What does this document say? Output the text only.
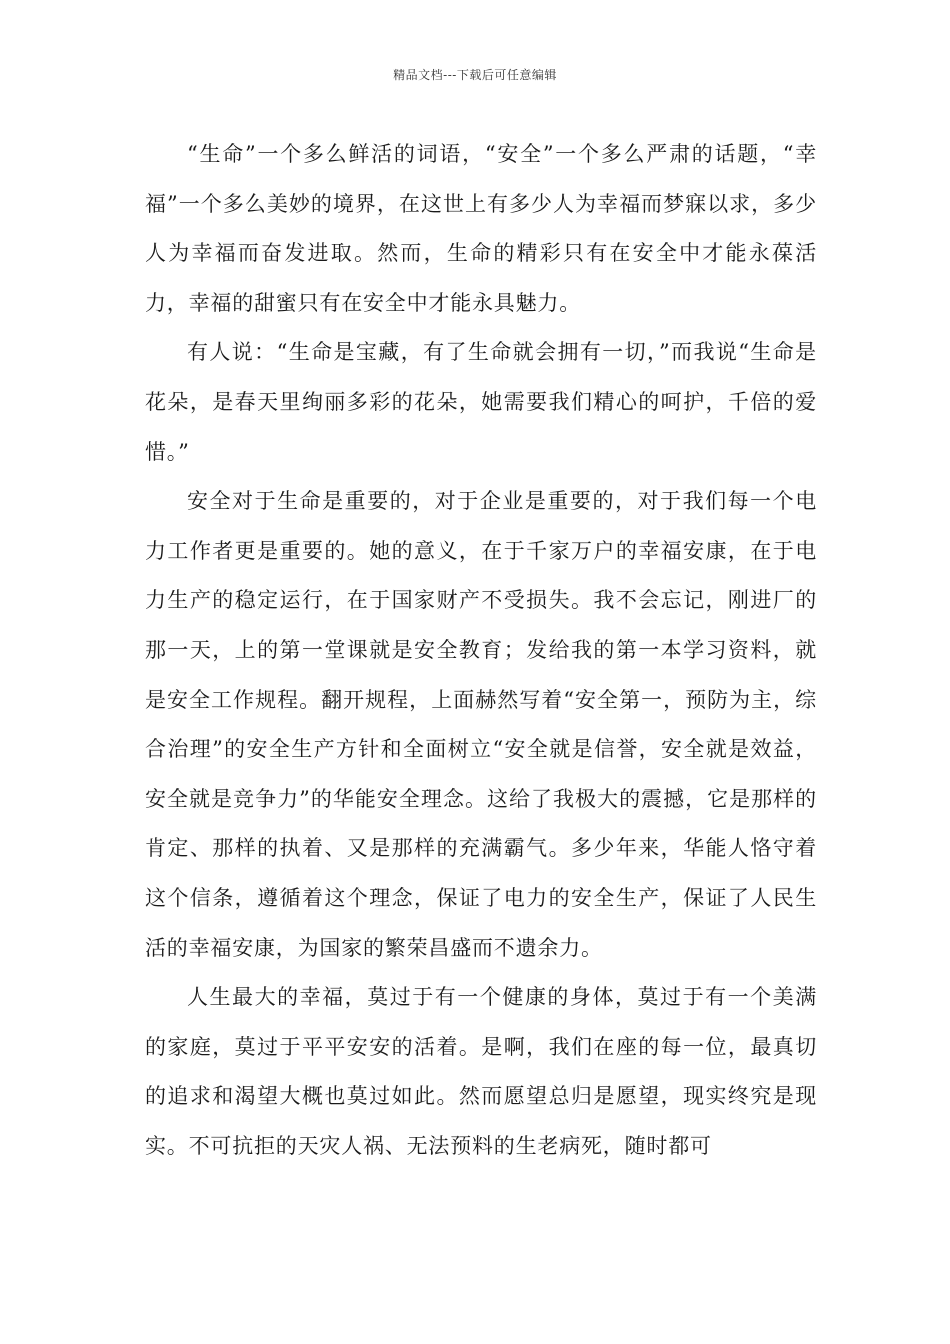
精品文档---下载后可任意编辑

“生命”一个多么鲜活的词语，“安全”一个多么严肃的话题，“幸福”一个多么美妙的境界，在这世上有多少人为幸福而梦寐以求，多少人为幸福而奋发进取。然而，生命的精彩只有在安全中才能永葆活力，幸福的甜蜜只有在安全中才能永具魅力。

有人说：“生命是宝藏，有了生命就会拥有一切，”而我说“生命是花朵，是春天里绚丽多彩的花朵，她需要我们精心的呵护，千倍的爱惜。”

安全对于生命是重要的，对于企业是重要的，对于我们每一个电力工作者更是重要的。她的意义，在于千家万户的幸福安康，在于电力生产的稳定运行，在于国家财产不受损失。我不会忘记，刚进厂的那一天，上的第一堂课就是安全教育；发给我的第一本学习资料，就是安全工作规程。翻开规程，上面赫然写着“安全第一，预防为主，综合治理”的安全生产方针和全面树立“安全就是信誉，安全就是效益，安全就是竞争力”的华能安全理念。这给了我极大的震撼，它是那样的肯定、那样的执着、又是那样的充满霸气。多少年来，华能人恪守着这个信条，遵循着这个理念，保证了电力的安全生产，保证了人民生活的幸福安康，为国家的繁荣昌盛而不遗余力。

人生最大的幸福，莫过于有一个健康的身体，莫过于有一个美满的家庭，莫过于平平安安的活着。是啊，我们在座的每一位，最真切的追求和渴望大概也莫过如此。然而愿望总归是愿望，现实终究是现实。不可抗拒的天灾人祸、无法预料的生老病死，随时都可
